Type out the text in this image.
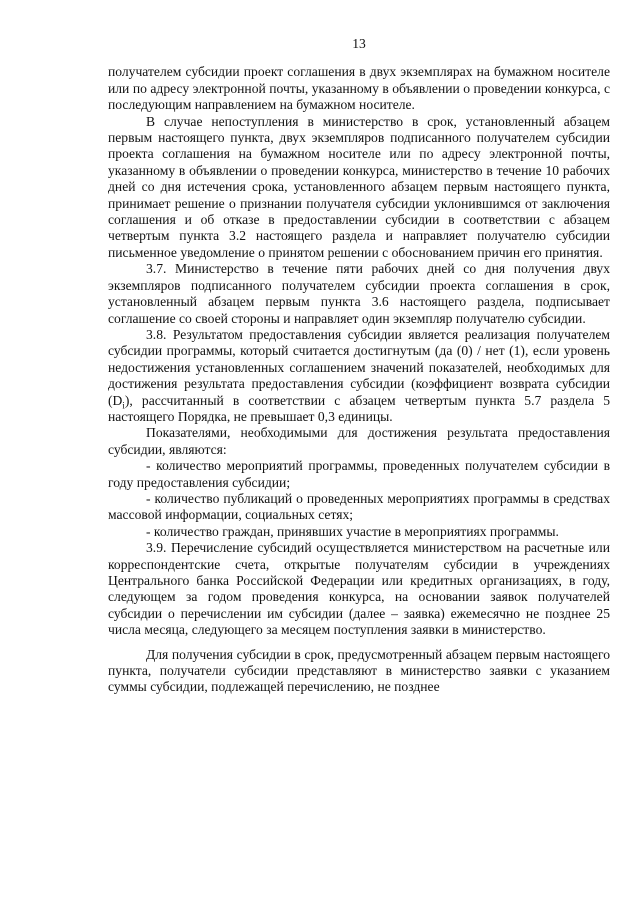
13

получателем субсидии проект соглашения в двух экземплярах на бумажном носителе или по адресу электронной почты, указанному в объявлении о проведении конкурса, с последующим направлением на бумажном носителе.

В случае непоступления в министерство в срок, установленный абзацем первым настоящего пункта, двух экземпляров подписанного получателем субсидии проекта соглашения на бумажном носителе или по адресу электронной почты, указанному в объявлении о проведении конкурса, министерство в течение 10 рабочих дней со дня истечения срока, установленного абзацем первым настоящего пункта, принимает решение о признании получателя субсидии уклонившимся от заключения соглашения и об отказе в предоставлении субсидии в соответствии с абзацем четвертым пункта 3.2 настоящего раздела и направляет получателю субсидии письменное уведомление о принятом решении с обоснованием причин его принятия.

3.7. Министерство в течение пяти рабочих дней со дня получения двух экземпляров подписанного получателем субсидии проекта соглашения в срок, установленный абзацем первым пункта 3.6 настоящего раздела, подписывает соглашение со своей стороны и направляет один экземпляр получателю субсидии.

3.8. Результатом предоставления субсидии является реализация получателем субсидии программы, который считается достигнутым (да (0) / нет (1), если уровень недостижения установленных соглашением значений показателей, необходимых для достижения результата предоставления субсидии (коэффициент возврата субсидии $(D_i)$, рассчитанный в соответствии с абзацем четвертым пункта 5.7 раздела 5 настоящего Порядка, не превышает 0,3 единицы.

Показателями, необходимыми для достижения результата предоставления субсидии, являются:

- количество мероприятий программы, проведенных получателем субсидии в году предоставления субсидии;

- количество публикаций о проведенных мероприятиях программы в средствах массовой информации, социальных сетях;

- количество граждан, принявших участие в мероприятиях программы.

3.9. Перечисление субсидий осуществляется министерством на расчетные или корреспондентские счета, открытые получателям субсидии в учреждениях Центрального банка Российской Федерации или кредитных организациях, в году, следующем за годом проведения конкурса, на основании заявок получателей субсидии о перечислении им субсидии (далее – заявка) ежемесячно не позднее 25 числа месяца, следующего за месяцем поступления заявки в министерство.

Для получения субсидии в срок, предусмотренный абзацем первым настоящего пункта, получатели субсидии представляют в министерство заявки с указанием суммы субсидии, подлежащей перечислению, не позднее
